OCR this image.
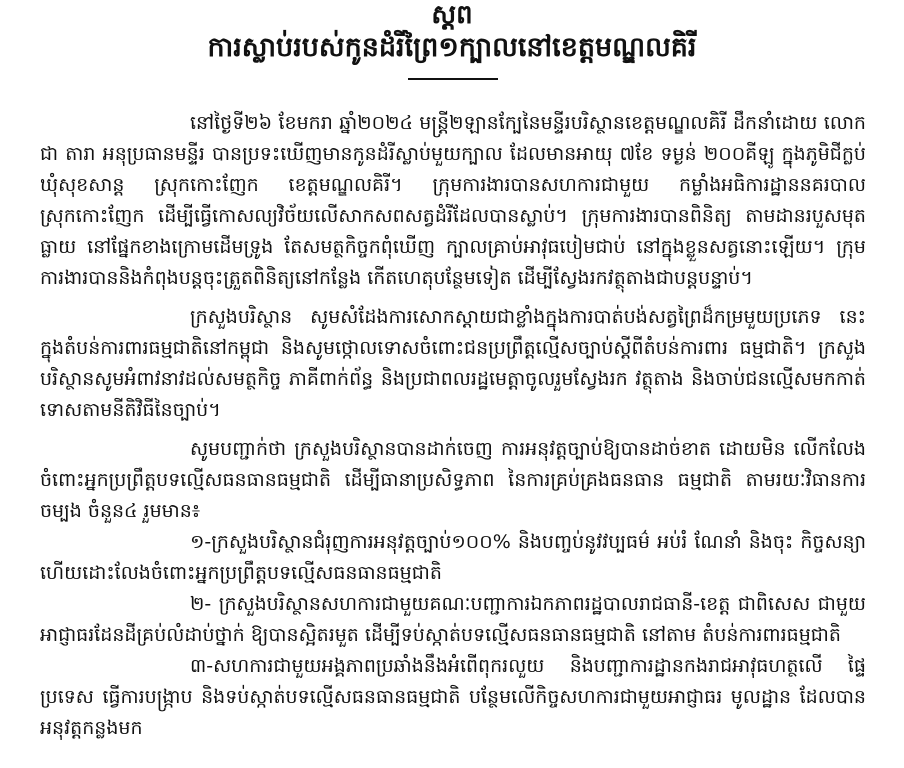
ស្តព
ការស្លាប់របស់កូនដំរីព្រៃ១ក្បាលនៅខេត្តមណ្ឌលគិរី

នៅថ្ងៃទី២៦ ខែមករា ឆ្នាំ២០២៤ មន្ត្រី២ឡានក្បែនៃមន្ទីរបរិស្ថានខេត្តមណ្ឌលគិរី ដឹកនាំដោយ លោក ជា តារា អនុប្រធានមន្ទីរ បានប្រទះឃើញមានកូនដំរីស្លាប់មួយក្បាល ដែលមានអាយុ ៧ខែ ទម្ងន់ ២០០គីឡូ ក្នុងភូមិជីក្លប់ ឃុំសុខសាន្ត ស្រុកកោះញែក ខេត្តមណ្ឌលគិរី។ ក្រុមការងារបានសហការជាមួយ កម្លាំងអធិការដ្ឋាននគរបាលស្រុកកោះញែក ដើម្បីធ្វើកោសល្យវិច័យលើសាកសពសត្វដំរីដែលបានស្លាប់។ ក្រុមការងារបានពិនិត្យ តាមដានរបួសមុតធ្លាយ នៅផ្នែកខាងក្រោមដើមទ្រូង តែសមត្ថកិច្ចកពុំឃើញ ក្បាលគ្រាប់អាវុធបៀមជាប់ នៅក្នុងខ្លួនសត្វនោះឡើយ។ ក្រុមការងារបាននិងកំពុងបន្តចុះត្រួតពិនិត្យនៅកន្លែង កើតហេតុបន្ថែមទៀត ដើម្បីស្វែងរកវត្ថុតាងជាបន្តបន្ទាប់។

ក្រសួងបរិស្ថាន សូមសំដែងការសោកស្តាយជាខ្លាំងក្នុងការបាត់បង់សត្វព្រៃដ៏កម្រមួយប្រភេទ នេះក្នុងតំបន់ការពារធម្មជាតិនៅកម្ពុជា និងសូមថ្កោលទោសចំពោះជនប្រព្រឹត្តល្មើសច្បាប់ស្តីពីតំបន់ការពារ ធម្មជាតិ។ ក្រសួងបរិស្ថានសូមអំពាវនាវដល់សមត្ថកិច្ច ភាគីពាក់ព័ន្ធ និងប្រជាពលរដ្ឋមេត្តាចូលរួមស្វែងរក វត្ថុតាង និងចាប់ជនល្មើសមកកាត់ទោសតាមនីតិវិធីនៃច្បាប់។

សូមបញ្ជាក់ថា ក្រសួងបរិស្ថានបានដាក់ចេញ ការអនុវត្តច្បាប់ឱ្យបានដាច់ខាត ដោយមិន លើកលែងចំពោះអ្នកប្រព្រឹត្តបទល្មើសធនធានធម្មជាតិ ដើម្បីធានាប្រសិទ្ធភាព នៃការគ្រប់គ្រងធនធាន ធម្មជាតិ តាមរយៈវិធានការចម្បង ចំនួន៤ រួមមាន៖

១-ក្រសួងបរិស្ថានជំរុញការអនុវត្តច្បាប់១០០% និងបញ្ចប់នូវវប្បធម៌ អប់រំ ណែនាំ និងចុះ កិច្ចសន្យា ហើយដោះលែងចំពោះអ្នកប្រព្រឹត្តបទល្មើសធនធានធម្មជាតិ

២- ក្រសួងបរិស្ថានសហការជាមួយគណៈបញ្ជាការឯកភាពរដ្ឋបាលរាជធានី-ខេត្ត ជាពិសេស ជាមួយអាជ្ញាធរដែនដីគ្រប់លំដាប់ថ្នាក់ ឱ្យបានស្អិតរមួត ដើម្បីទប់ស្កាត់បទល្មើសធនធានធម្មជាតិ នៅតាម តំបន់ការពារធម្មជាតិ

៣-សហការជាមួយអង្គភាពប្រឆាំងនឹងអំពើពុករលួយ និងបញ្ជាការដ្ឋានកងរាជអាវុធហត្ថលើ ផ្ទៃប្រទេស ធ្វើការបង្ក្រាប និងទប់ស្កាត់បទល្មើសធនធានធម្មជាតិ បន្ថែមលើកិច្ចសហការជាមួយអាជ្ញាធរ មូលដ្ឋាន ដែលបានអនុវត្តកន្លងមក
